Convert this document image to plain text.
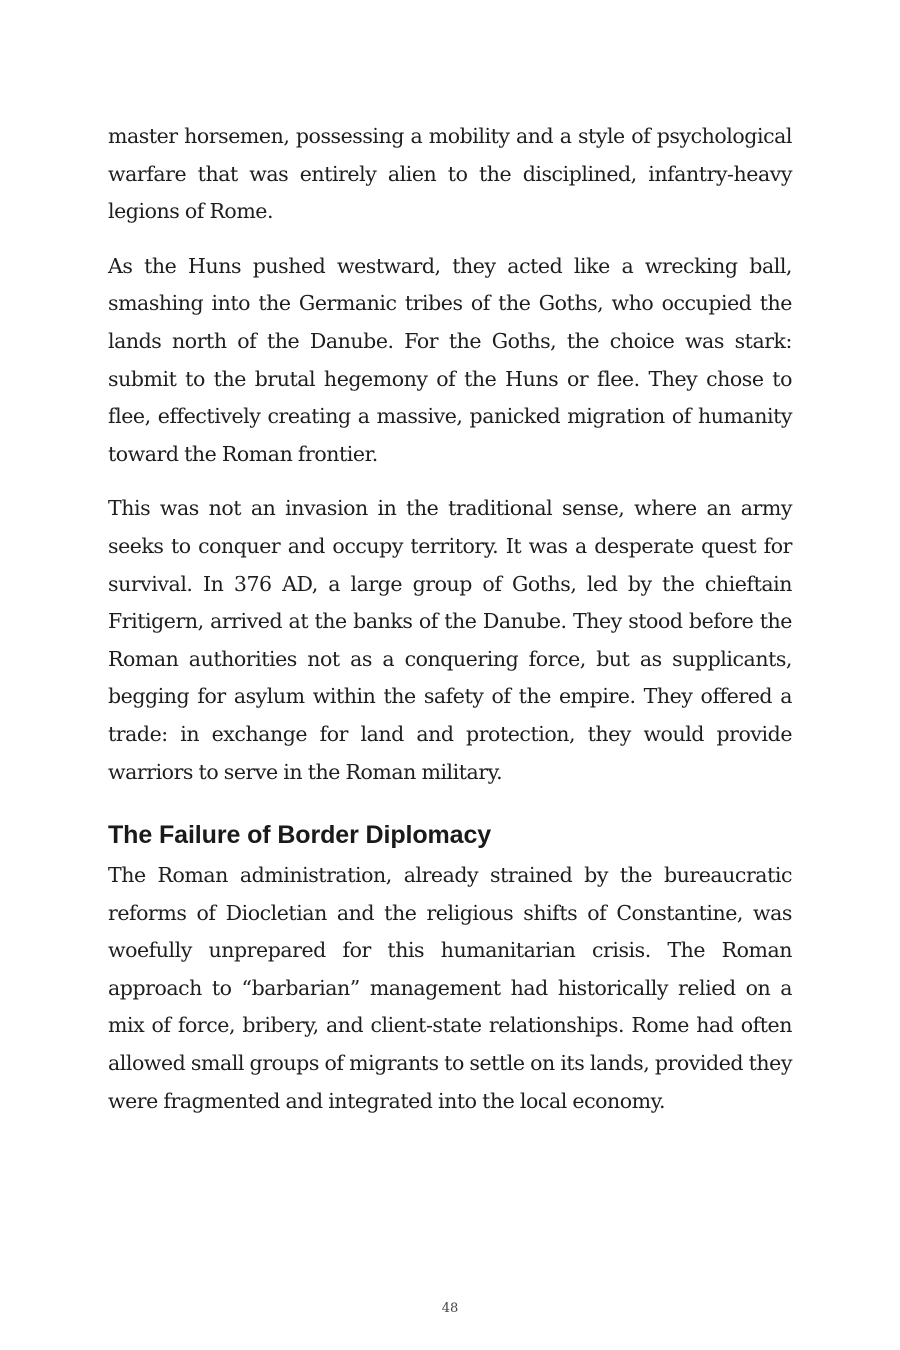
master horsemen, possessing a mobility and a style of psychological warfare that was entirely alien to the disciplined, infantry-heavy legions of Rome.

As the Huns pushed westward, they acted like a wrecking ball, smashing into the Germanic tribes of the Goths, who occupied the lands north of the Danube. For the Goths, the choice was stark: submit to the brutal hegemony of the Huns or flee. They chose to flee, effectively creating a massive, panicked migration of humanity toward the Roman frontier.

This was not an invasion in the traditional sense, where an army seeks to conquer and occupy territory. It was a desperate quest for survival. In 376 AD, a large group of Goths, led by the chieftain Fritigern, arrived at the banks of the Danube. They stood before the Roman authorities not as a conquering force, but as supplicants, begging for asylum within the safety of the empire. They offered a trade: in exchange for land and protection, they would provide warriors to serve in the Roman military.

The Failure of Border Diplomacy

The Roman administration, already strained by the bureaucratic reforms of Diocletian and the religious shifts of Constantine, was woefully unprepared for this humanitarian crisis. The Roman approach to “barbarian” management had historically relied on a mix of force, bribery, and client-state relationships. Rome had often allowed small groups of migrants to settle on its lands, provided they were fragmented and integrated into the local economy.

48
